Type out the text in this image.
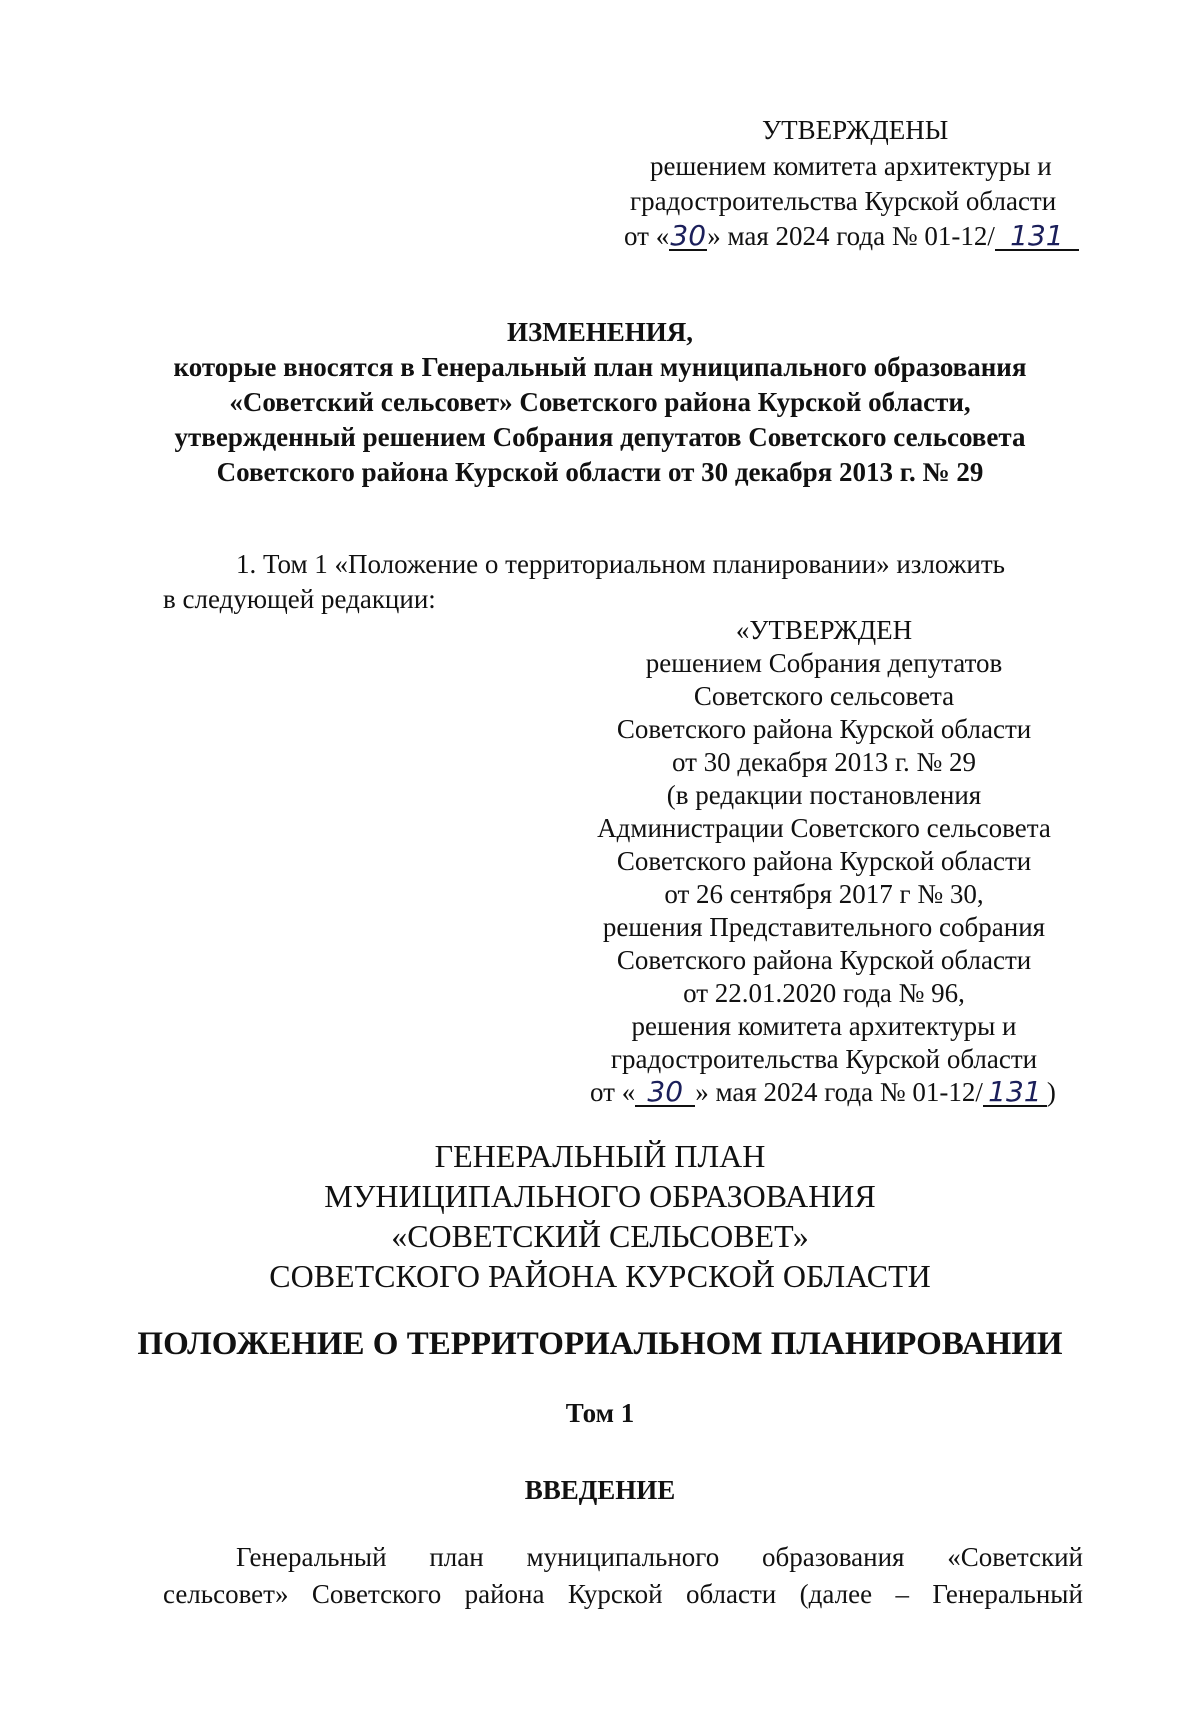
УТВЕРЖДЕНЫ
решением комитета архитектуры и
градостроительства Курской области
от «30» мая 2024 года № 01-12/ 131
ИЗМЕНЕНИЯ,
которые вносятся в Генеральный план муниципального образования
«Советский сельсовет» Советского района Курской области,
утвержденный решением Собрания депутатов Советского сельсовета
Советского района Курской области от 30 декабря 2013 г. № 29
1. Том 1 «Положение о территориальном планировании» изложить
в следующей редакции:
«УТВЕРЖДЕН
решением Собрания депутатов
Советского сельсовета
Советского района Курской области
от 30 декабря 2013 г. № 29
(в редакции постановления
Администрации Советского сельсовета
Советского района Курской области
от 26 сентября 2017 г № 30,
решения Представительного собрания
Советского района Курской области
от 22.01.2020 года № 96,
решения комитета архитектуры и
градостроительства Курской области
от « 30 » мая 2024 года № 01-12/ 131 )
ГЕНЕРАЛЬНЫЙ ПЛАН
МУНИЦИПАЛЬНОГО ОБРАЗОВАНИЯ
«СОВЕТСКИЙ СЕЛЬСОВЕТ»
СОВЕТСКОГО РАЙОНА КУРСКОЙ ОБЛАСТИ
ПОЛОЖЕНИЕ О ТЕРРИТОРИАЛЬНОМ ПЛАНИРОВАНИИ
Том 1
ВВЕДЕНИЕ
Генеральный план муниципального образования «Советский
сельсовет» Советского района Курской области (далее – Генеральный
